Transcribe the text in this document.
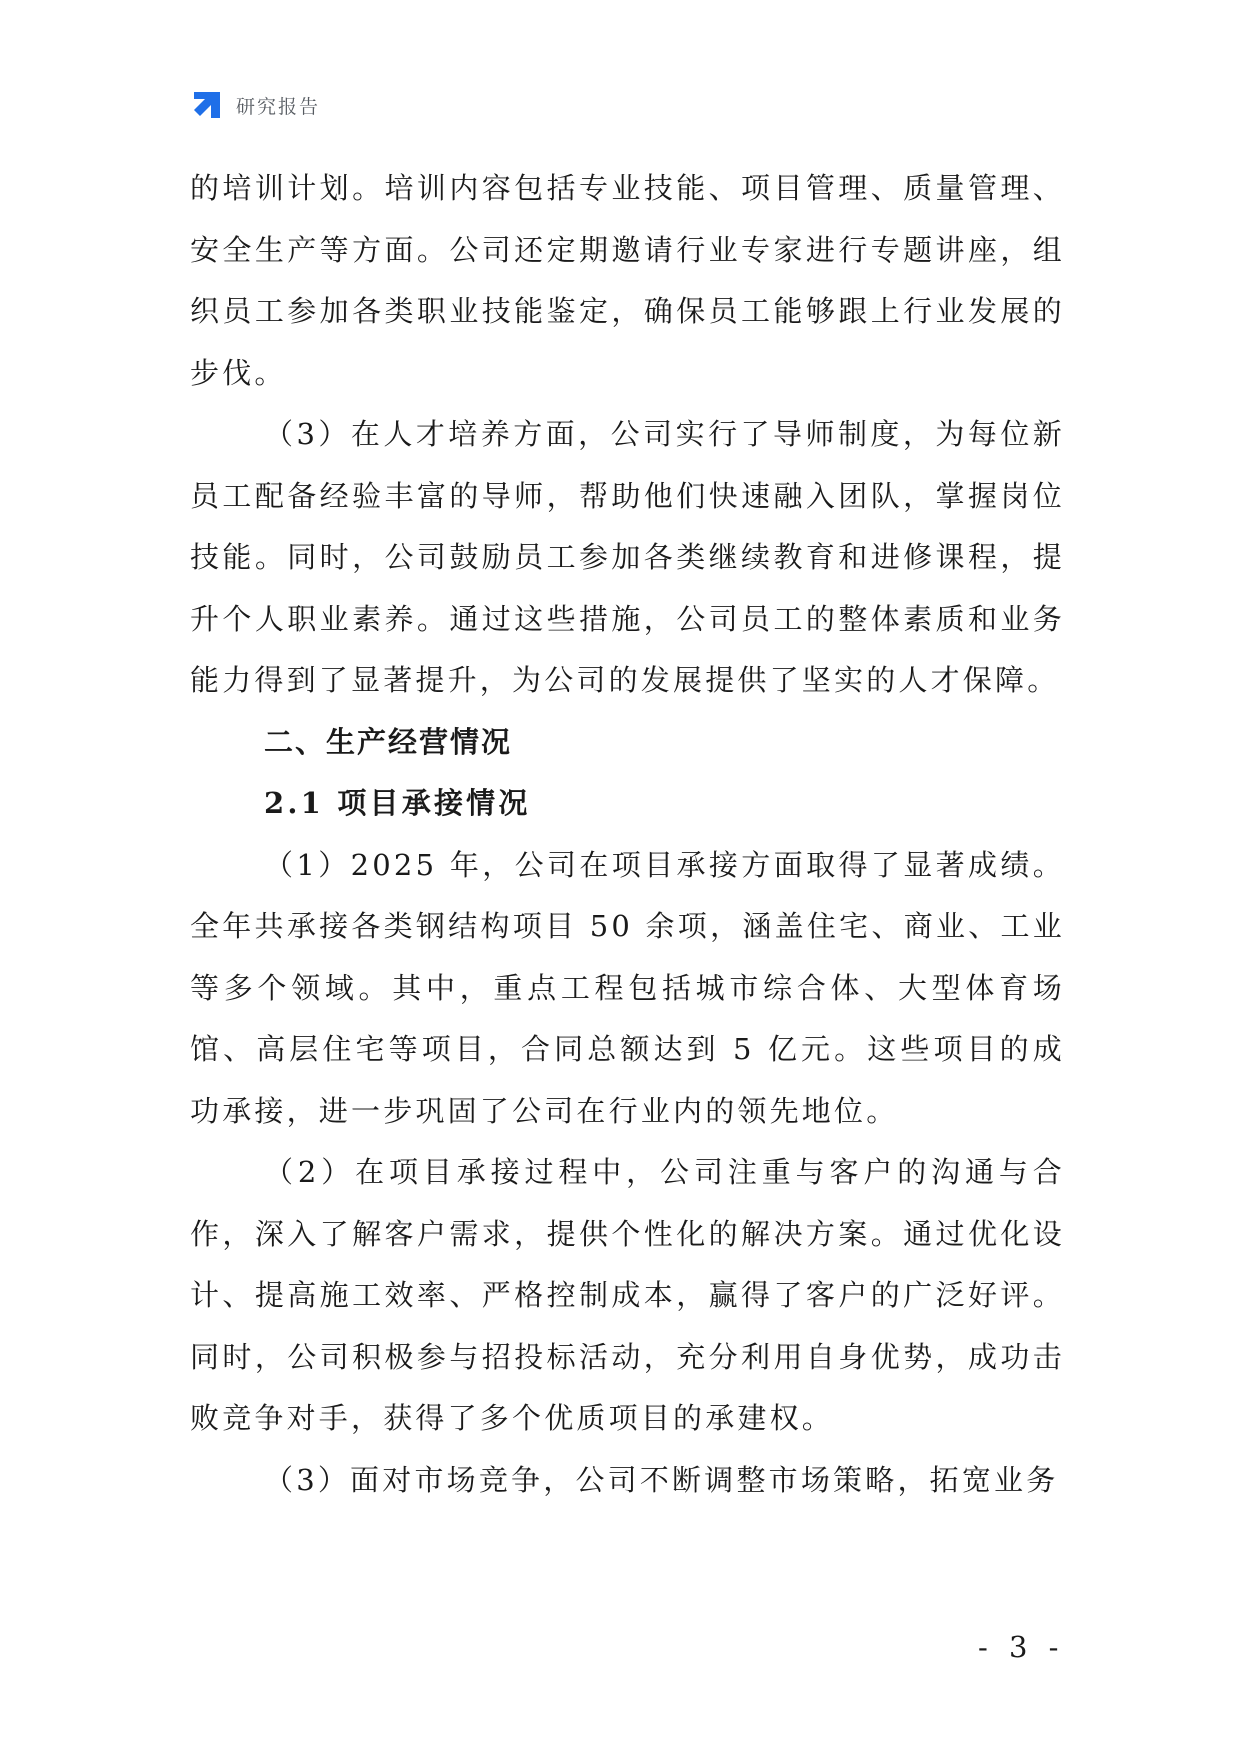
研究报告

的培训计划。培训内容包括专业技能、项目管理、质量管理、安全生产等方面。公司还定期邀请行业专家进行专题讲座，组织员工参加各类职业技能鉴定，确保员工能够跟上行业发展的步伐。

（3）在人才培养方面，公司实行了导师制度，为每位新员工配备经验丰富的导师，帮助他们快速融入团队，掌握岗位技能。同时，公司鼓励员工参加各类继续教育和进修课程，提升个人职业素养。通过这些措施，公司员工的整体素质和业务能力得到了显著提升，为公司的发展提供了坚实的人才保障。

二、生产经营情况
2.1 项目承接情况

（1）2025 年，公司在项目承接方面取得了显著成绩。全年共承接各类钢结构项目 50 余项，涵盖住宅、商业、工业等多个领域。其中，重点工程包括城市综合体、大型体育场馆、高层住宅等项目，合同总额达到 5 亿元。这些项目的成功承接，进一步巩固了公司在行业内的领先地位。

（2）在项目承接过程中，公司注重与客户的沟通与合作，深入了解客户需求，提供个性化的解决方案。通过优化设计、提高施工效率、严格控制成本，赢得了客户的广泛好评。同时，公司积极参与招投标活动，充分利用自身优势，成功击败竞争对手，获得了多个优质项目的承建权。

（3）面对市场竞争，公司不断调整市场策略，拓宽业务

- 3 -
